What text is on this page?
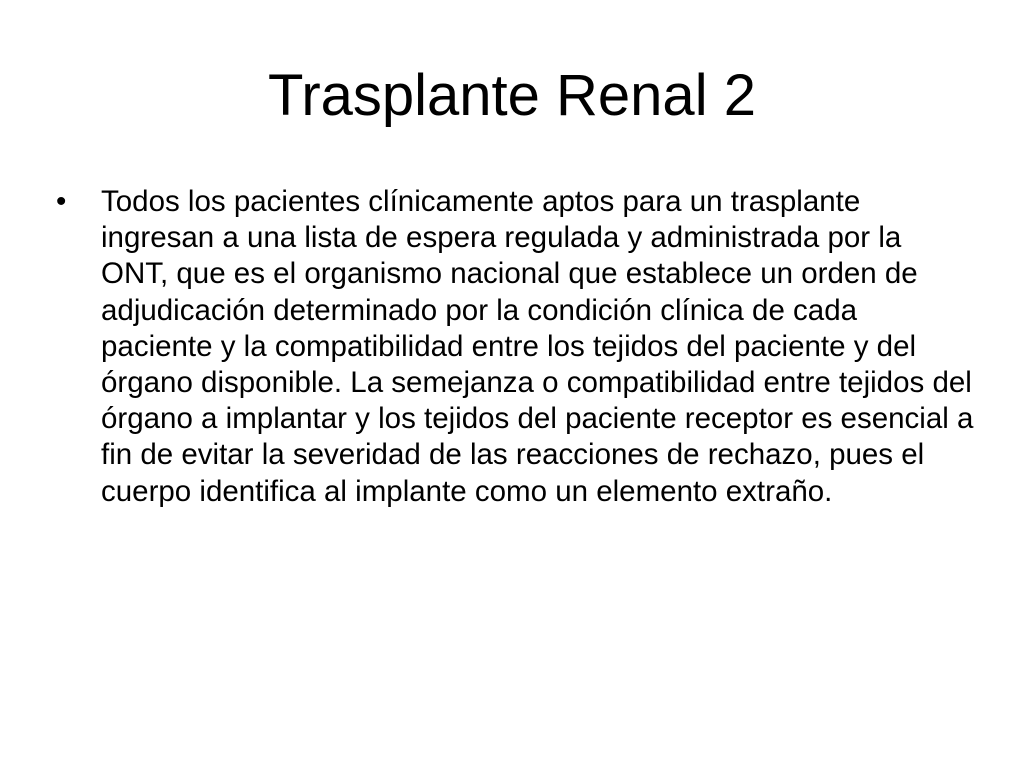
Trasplante Renal 2
• Todos los pacientes clínicamente aptos para un trasplante ingresan a una lista de espera regulada y administrada por la ONT, que es el organismo nacional que establece un orden de adjudicación determinado por la condición clínica de cada paciente y la compatibilidad entre los tejidos del paciente y del órgano disponible. La semejanza o compatibilidad entre tejidos del órgano a implantar y los tejidos del paciente receptor es esencial a fin de evitar la severidad de las reacciones de rechazo, pues el cuerpo identifica al implante como un elemento extraño.
